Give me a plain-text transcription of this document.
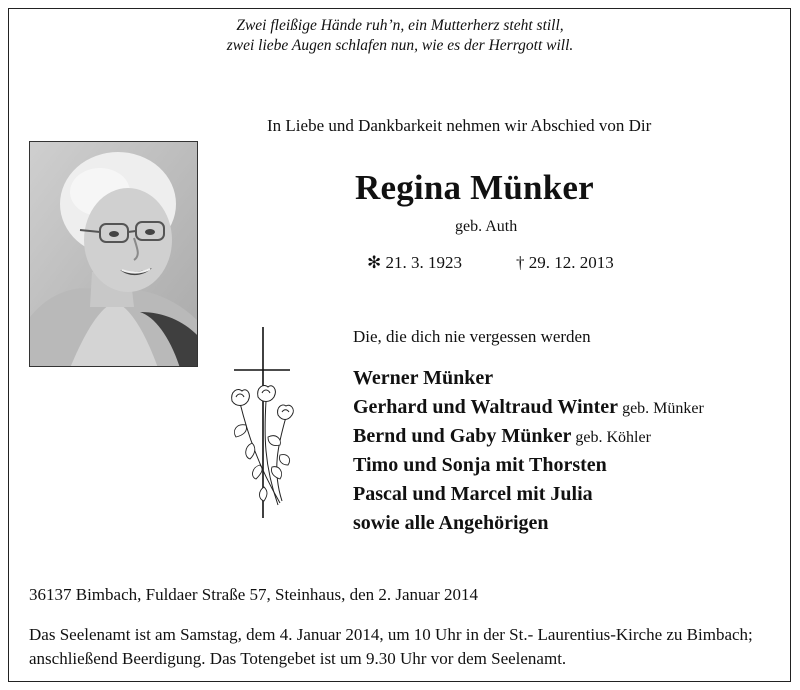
Zwei fleißige Hände ruh’n, ein Mutterherz steht still,
zwei liebe Augen schlafen nun, wie es der Herrgott will.
In Liebe und Dankbarkeit nehmen wir Abschied von Dir
Regina Münker
geb. Auth
✻ 21. 3. 1923	† 29. 12. 2013
Die, die dich nie vergessen werden
Werner Münker
Gerhard und Waltraud Winter geb. Münker
Bernd und Gaby Münker geb. Köhler
Timo und Sonja mit Thorsten
Pascal und Marcel mit Julia
sowie alle Angehörigen
36137 Bimbach, Fuldaer Straße 57, Steinhaus, den 2. Januar 2014
Das Seelenamt ist am Samstag, dem 4. Januar 2014, um 10 Uhr in der St.- Laurentius-Kirche zu Bimbach; anschließend Beerdigung. Das Totengebet ist um 9.30 Uhr vor dem Seelenamt.
